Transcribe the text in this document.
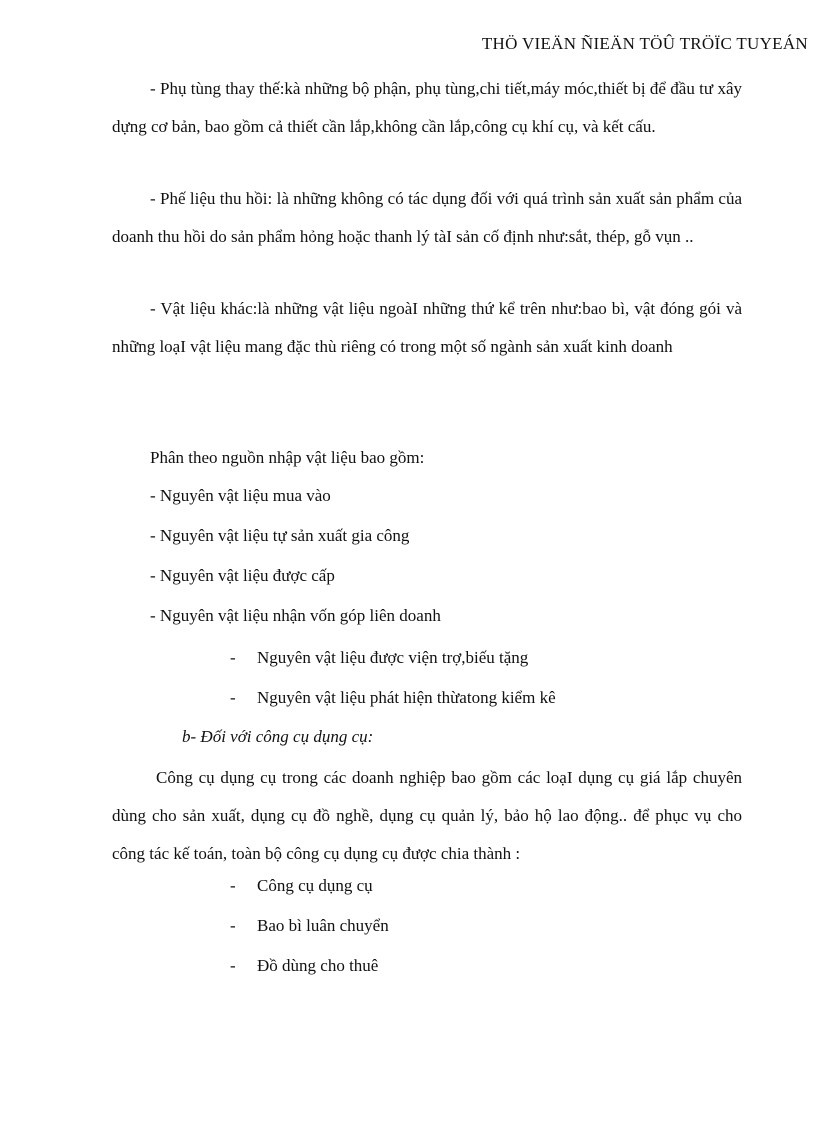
THÖ VIEÄN ÑIEÄN TÖÛ TRÖÏC TUYEÁN

- Phụ tùng thay thế:kà những bộ phận, phụ tùng,chi tiết,máy móc,thiết bị để đầu tư xây dựng cơ bản, bao gồm cả thiết cần lắp,không cần lắp,công cụ khí cụ, và kết cấu.

- Phế liệu thu hồi: là những không có tác dụng đối với quá trình sản xuất sản phẩm của doanh thu hồi do sản phẩm hỏng hoặc thanh lý tàI sản cố định như:sắt, thép, gỗ vụn ..

- Vật liệu khác:là những vật liệu ngoàI những thứ kể trên như:bao bì, vật đóng gói và những loạI vật liệu mang đặc thù riêng có trong một số ngành sản xuất kinh doanh

Phân theo nguồn nhập vật liệu bao gồm:

- Nguyên vật liệu mua vào
- Nguyên vật liệu tự sản xuất gia công
- Nguyên vật liệu được cấp
- Nguyên vật liệu nhận vốn góp liên doanh
- Nguyên vật liệu được viện trợ,biếu tặng
- Nguyên vật liệu phát hiện thừatong kiểm kê
b- Đối với công cụ dụng cụ:

Công cụ dụng cụ trong các doanh nghiệp bao gồm các loạI dụng cụ giá lắp chuyên dùng cho sản xuất, dụng cụ đồ nghề, dụng cụ quản lý, bảo hộ lao động.. để phục vụ cho công tác kế toán, toàn bộ công cụ dụng cụ được chia thành :

- Công cụ dụng cụ
- Bao bì luân chuyển
- Đồ dùng cho thuê
